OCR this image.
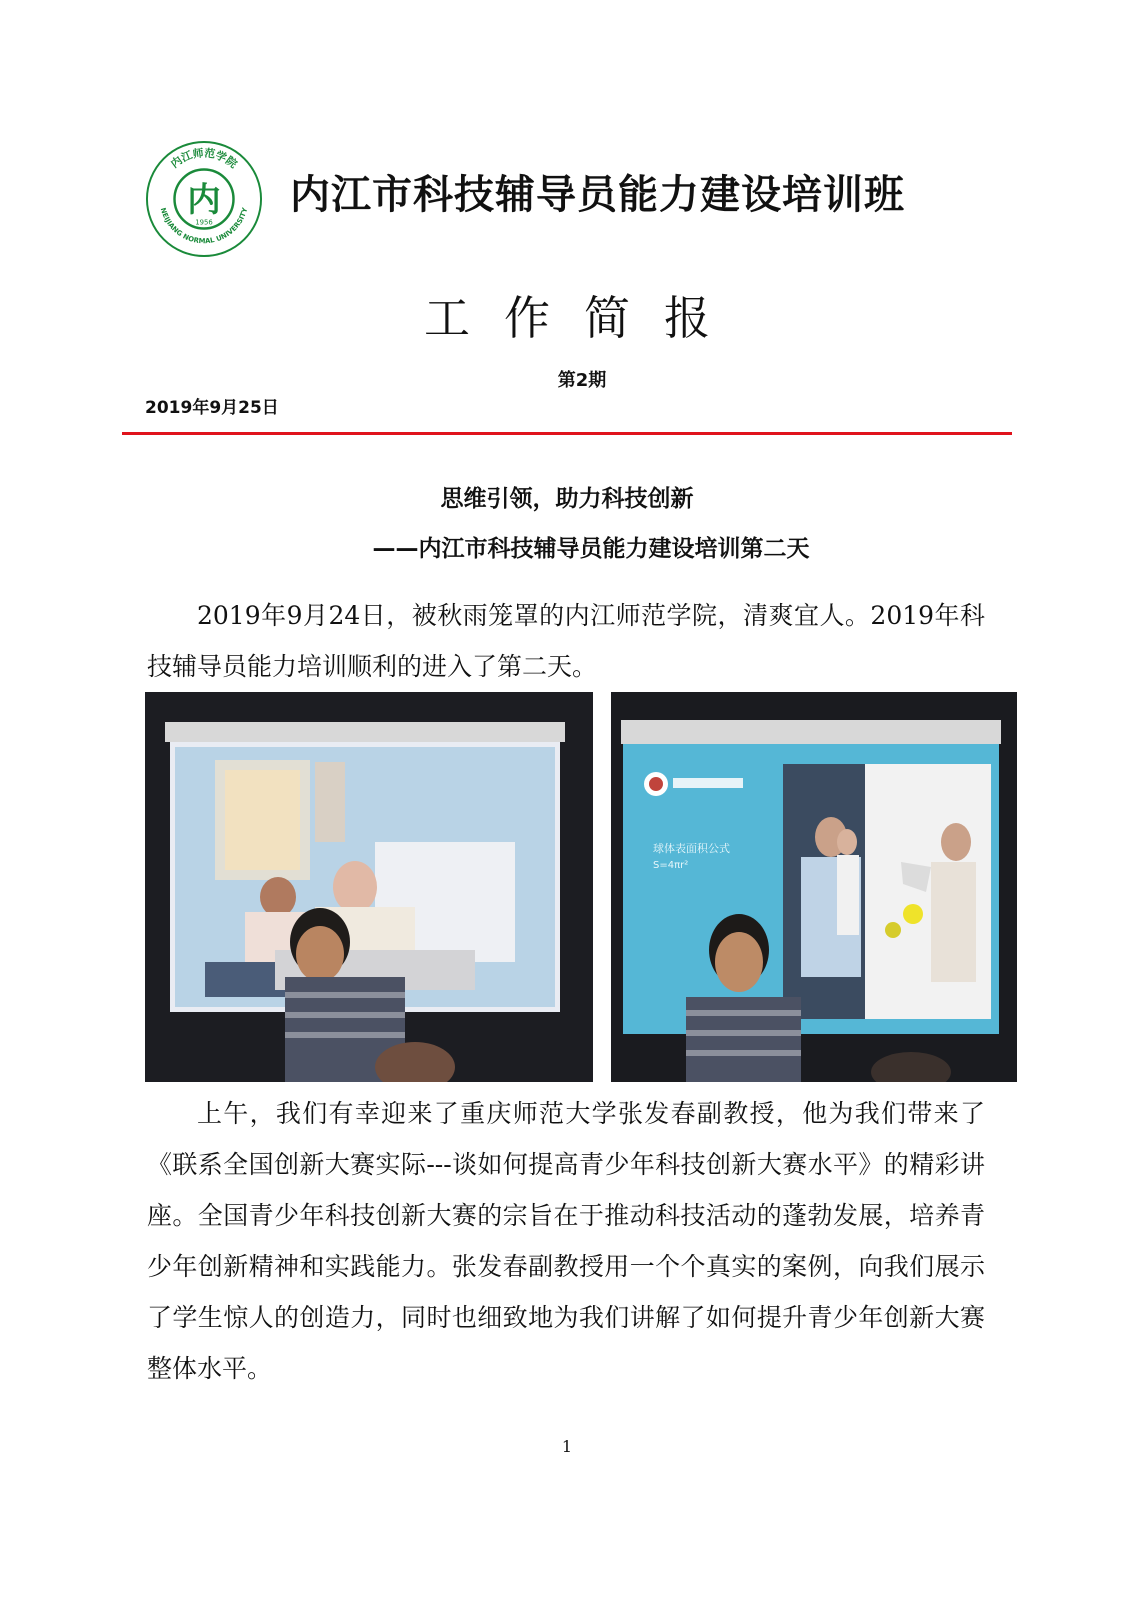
内江师范学院
NEIJIANG NORMAL UNIVERSITY
内
1956
内江市科技辅导员能力建设培训班
工作简报
第2期
2019年9月25日
思维引领，助力科技创新
——内江市科技辅导员能力建设培训第二天
2019年9月24日，被秋雨笼罩的内江师范学院，清爽宜人。2019年科技辅导员能力培训顺利的进入了第二天。
球体表面积公式
S=4πr²
上午，我们有幸迎来了重庆师范大学张发春副教授，他为我们带来了《联系全国创新大赛实际---谈如何提高青少年科技创新大赛水平》的精彩讲座。全国青少年科技创新大赛的宗旨在于推动科技活动的蓬勃发展，培养青少年创新精神和实践能力。张发春副教授用一个个真实的案例，向我们展示了学生惊人的创造力，同时也细致地为我们讲解了如何提升青少年创新大赛整体水平。
1
